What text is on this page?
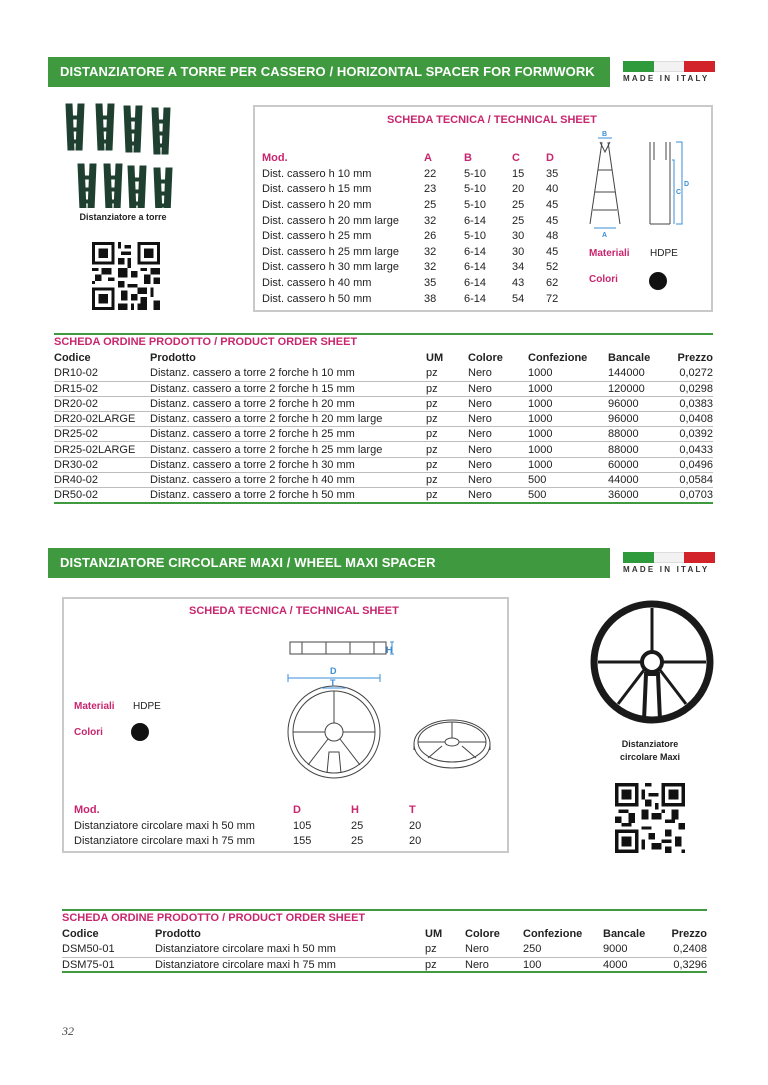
DISTANZIATORE A TORRE PER CASSERO / HORIZONTAL SPACER FOR FORMWORK	MADE IN ITALY
Distanziatore a torre
SCHEDA TECNICA / TECHNICAL SHEET
Mod.	A	B	C	D
Dist. cassero h 10 mm	22	5-10	15	35
Dist. cassero h 15 mm	23	5-10	20	40
Dist. cassero h 20 mm	25	5-10	25	45
Dist. cassero h 20 mm large	32	6-14	25	45
Dist. cassero h 25 mm	26	5-10	30	48
Dist. cassero h 25 mm large	32	6-14	30	45
Dist. cassero h 30 mm large	32	6-14	34	52
Dist. cassero h 40 mm	35	6-14	43	62
Dist. cassero h 50 mm	38	6-14	54	72
B
A
D
C
Materiali HDPE
Colori
SCHEDA ORDINE PRODOTTO / PRODUCT ORDER SHEET
Codice	Prodotto	UM	Colore	Confezione	Bancale	Prezzo
DR10-02	Distanz. cassero a torre 2 forche h 10 mm	pz	Nero	1000	144000	0,0272
DR15-02	Distanz. cassero a torre 2 forche h 15 mm	pz	Nero	1000	120000	0,0298
DR20-02	Distanz. cassero a torre 2 forche h 20 mm	pz	Nero	1000	96000	0,0383
DR20-02LARGE	Distanz. cassero a torre 2 forche h 20 mm large	pz	Nero	1000	96000	0,0408
DR25-02	Distanz. cassero a torre 2 forche h 25 mm	pz	Nero	1000	88000	0,0392
DR25-02LARGE	Distanz. cassero a torre 2 forche h 25 mm large	pz	Nero	1000	88000	0,0433
DR30-02	Distanz. cassero a torre 2 forche h 30 mm	pz	Nero	1000	60000	0,0496
DR40-02	Distanz. cassero a torre 2 forche h 40 mm	pz	Nero	500	44000	0,0584
DR50-02	Distanz. cassero a torre 2 forche h 50 mm	pz	Nero	500	36000	0,0703
DISTANZIATORE CIRCOLARE MAXI / WHEEL MAXI SPACER	MADE IN ITALY
SCHEDA TECNICA / TECHNICAL SHEET
Materiali HDPE
Colori
H
D
T
Mod.	D	H	T
Distanziatore circolare maxi h 50 mm	105	25	20
Distanziatore circolare maxi h 75 mm	155	25	20
Distanziatore
circolare Maxi
SCHEDA ORDINE PRODOTTO / PRODUCT ORDER SHEET
Codice	Prodotto	UM	Colore	Confezione	Bancale	Prezzo
DSM50-01	Distanziatore circolare maxi h 50 mm	pz	Nero	250	9000	0,2408
DSM75-01	Distanziatore circolare maxi h 75 mm	pz	Nero	100	4000	0,3296
32
